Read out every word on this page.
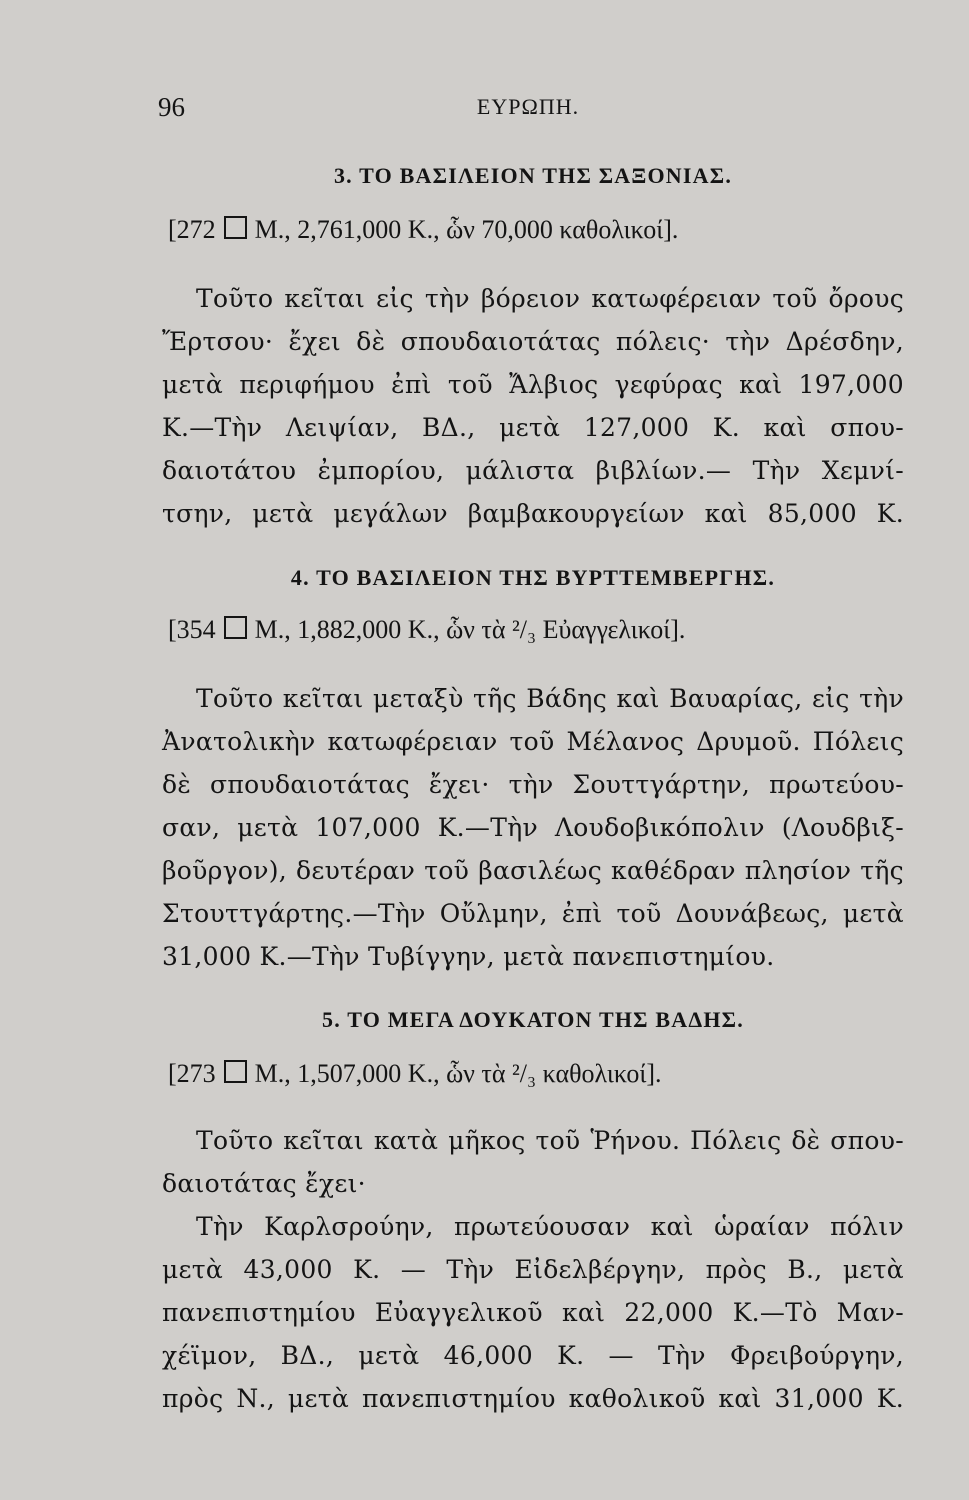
96	ΕΥΡΩΠΗ.
3. ΤΟ ΒΑΣΙΛΕΙΟΝ ΤΗΣ ΣΑΞΟΝΙΑΣ.
[272 Μ., 2,761,000 Κ., ὧν 70,000 καθολικοί].
Τοῦτο κεῖται εἰς τὴν βόρειον κατωφέρειαν τοῦ ὄρους
Ἔρτσου· ἔχει δὲ σπουδαιοτάτας πόλεις· τὴν Δρέσδην,
μετὰ περιφήμου ἐπὶ τοῦ Ἄλβιος γεφύρας καὶ 197,000
Κ.—Τὴν Λειψίαν, ΒΔ., μετὰ 127,000 Κ. καὶ σπου-
δαιοτάτου ἐμπορίου, μάλιστα βιβλίων.— Τὴν Χεμνί-
τσην, μετὰ μεγάλων βαμβακουργείων καὶ 85,000 Κ.
4. ΤΟ ΒΑΣΙΛΕΙΟΝ ΤΗΣ ΒΥΡΤΤΕΜΒΕΡΓΗΣ.
[354 Μ., 1,882,000 Κ., ὧν τὰ ²/₃ Εὐαγγελικοί].
Τοῦτο κεῖται μεταξὺ τῆς Βάδης καὶ Βαυαρίας, εἰς τὴν
Ἀνατολικὴν κατωφέρειαν τοῦ Μέλανος Δρυμοῦ. Πόλεις
δὲ σπουδαιοτάτας ἔχει· τὴν Σουττγάρτην, πρωτεύου-
σαν, μετὰ 107,000 Κ.—Τὴν Λουδοβικόπολιν (Λουδβιξ-
βοῦργον), δευτέραν τοῦ βασιλέως καθέδραν πλησίον τῆς
Στουττγάρτης.—Τὴν Οὔλμην, ἐπὶ τοῦ Δουνάβεως, μετὰ
31,000 Κ.—Τὴν Τυβίγγην, μετὰ πανεπιστημίου.
5. ΤΟ ΜΕΓΑ ΔΟΥΚΑΤΟΝ ΤΗΣ ΒΑΔΗΣ.
[273 Μ., 1,507,000 Κ., ὧν τὰ ²/₃ καθολικοί].
Τοῦτο κεῖται κατὰ μῆκος τοῦ Ῥήνου. Πόλεις δὲ σπου-
δαιοτάτας ἔχει·
Τὴν Καρλσρούην, πρωτεύουσαν καὶ ὡραίαν πόλιν
μετὰ 43,000 Κ. — Τὴν Εἰδελβέργην, πρὸς Β., μετὰ
πανεπιστημίου Εὐαγγελικοῦ καὶ 22,000 Κ.—Τὸ Μαν-
χέϊμον, ΒΔ., μετὰ 46,000 Κ. — Τὴν Φρειβούργην,
πρὸς Ν., μετὰ πανεπιστημίου καθολικοῦ καὶ 31,000 Κ.
